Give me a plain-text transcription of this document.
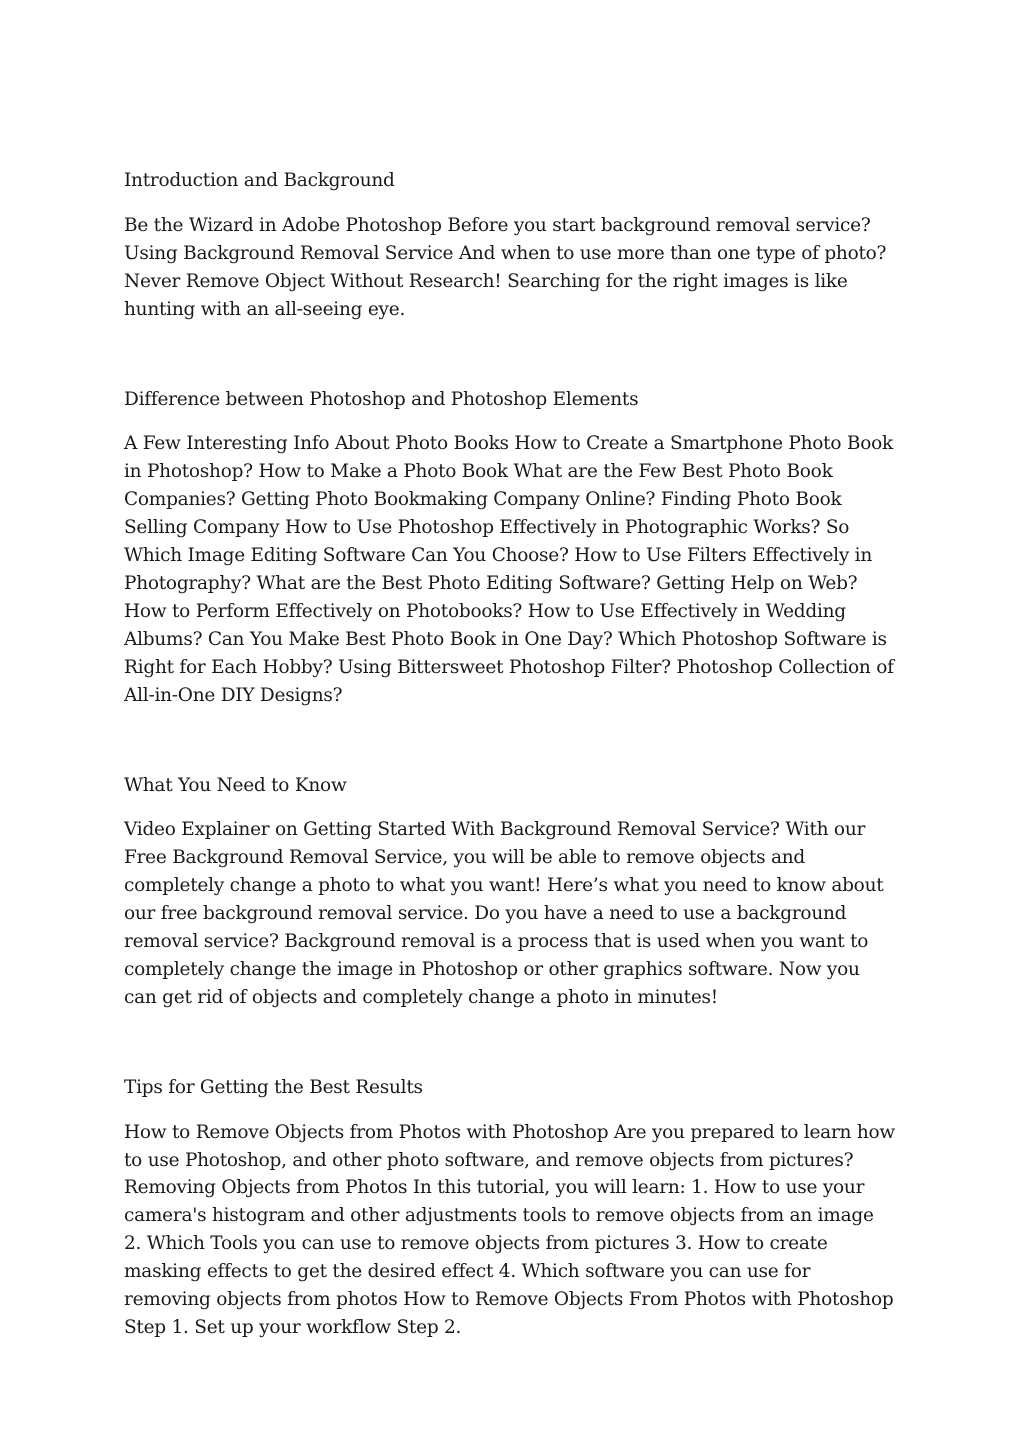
Introduction and Background

Be the Wizard in Adobe Photoshop Before you start background removal service? Using Background Removal Service And when to use more than one type of photo? Never Remove Object Without Research! Searching for the right images is like hunting with an all-seeing eye.

Difference between Photoshop and Photoshop Elements

A Few Interesting Info About Photo Books How to Create a Smartphone Photo Book in Photoshop? How to Make a Photo Book What are the Few Best Photo Book Companies? Getting Photo Bookmaking Company Online? Finding Photo Book Selling Company How to Use Photoshop Effectively in Photographic Works? So Which Image Editing Software Can You Choose? How to Use Filters Effectively in Photography? What are the Best Photo Editing Software? Getting Help on Web? How to Perform Effectively on Photobooks? How to Use Effectively in Wedding Albums? Can You Make Best Photo Book in One Day? Which Photoshop Software is Right for Each Hobby? Using Bittersweet Photoshop Filter? Photoshop Collection of All-in-One DIY Designs?

What You Need to Know

Video Explainer on Getting Started With Background Removal Service? With our Free Background Removal Service, you will be able to remove objects and completely change a photo to what you want! Here’s what you need to know about our free background removal service. Do you have a need to use a background removal service? Background removal is a process that is used when you want to completely change the image in Photoshop or other graphics software. Now you can get rid of objects and completely change a photo in minutes!

Tips for Getting the Best Results

How to Remove Objects from Photos with Photoshop Are you prepared to learn how to use Photoshop, and other photo software, and remove objects from pictures? Removing Objects from Photos In this tutorial, you will learn: 1. How to use your camera's histogram and other adjustments tools to remove objects from an image 2. Which Tools you can use to remove objects from pictures 3. How to create masking effects to get the desired effect 4. Which software you can use for removing objects from photos How to Remove Objects From Photos with Photoshop Step 1. Set up your workflow Step 2.
